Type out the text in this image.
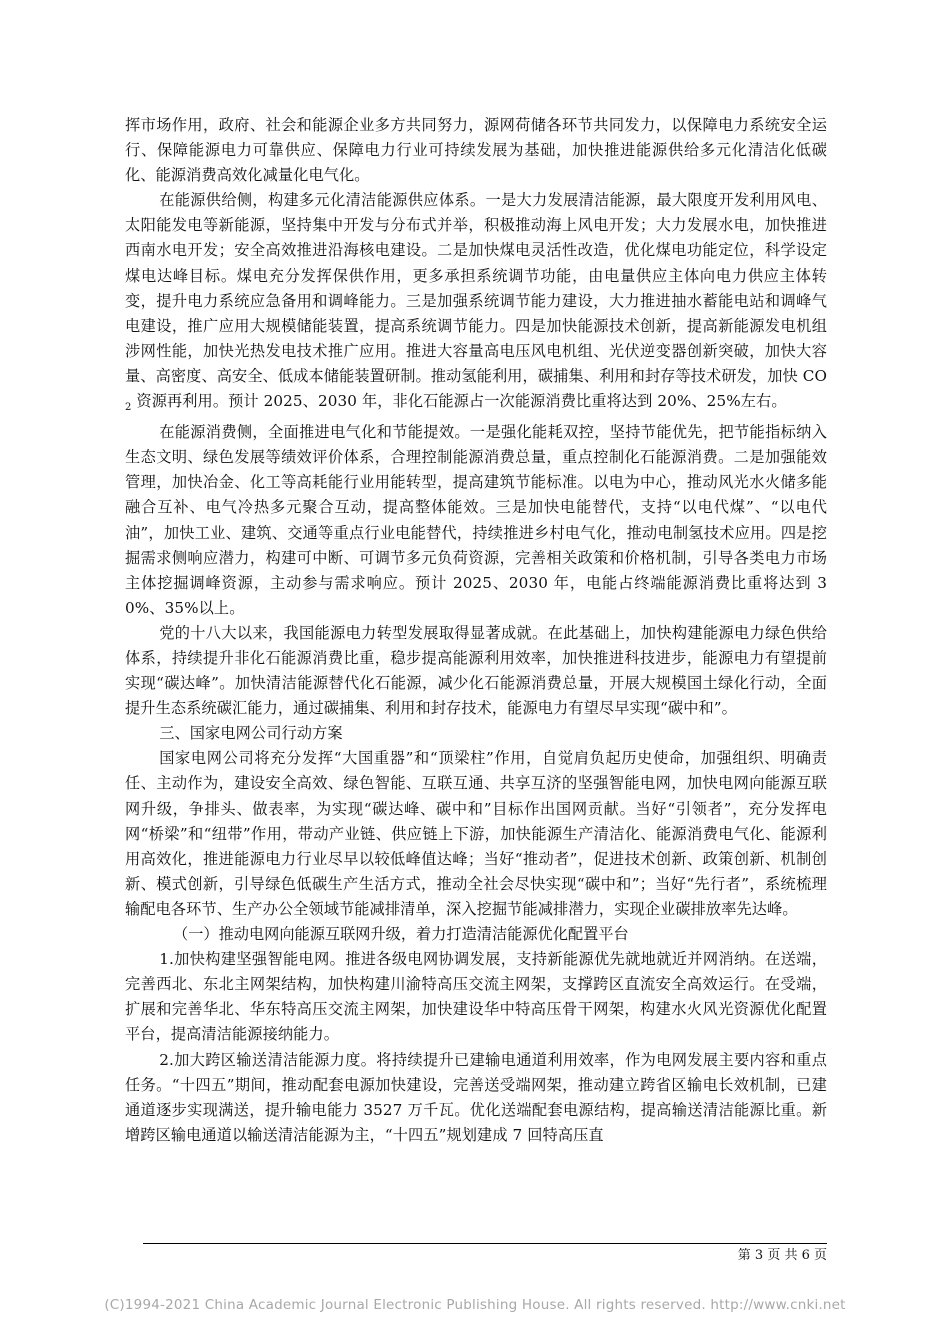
挥市场作用，政府、社会和能源企业多方共同努力，源网荷储各环节共同发力，以保障电力系统安全运行、保障能源电力可靠供应、保障电力行业可持续发展为基础，加快推进能源供给多元化清洁化低碳化、能源消费高效化减量化电气化。

在能源供给侧，构建多元化清洁能源供应体系。一是大力发展清洁能源，最大限度开发利用风电、太阳能发电等新能源，坚持集中开发与分布式并举，积极推动海上风电开发；大力发展水电，加快推进西南水电开发；安全高效推进沿海核电建设。二是加快煤电灵活性改造，优化煤电功能定位，科学设定煤电达峰目标。煤电充分发挥保供作用，更多承担系统调节功能，由电量供应主体向电力供应主体转变，提升电力系统应急备用和调峰能力。三是加强系统调节能力建设，大力推进抽水蓄能电站和调峰气电建设，推广应用大规模储能装置，提高系统调节能力。四是加快能源技术创新，提高新能源发电机组涉网性能，加快光热发电技术推广应用。推进大容量高电压风电机组、光伏逆变器创新突破，加快大容量、高密度、高安全、低成本储能装置研制。推动氢能利用，碳捕集、利用和封存等技术研发，加快 $CO_2$ 资源再利用。预计 2025、2030 年，非化石能源占一次能源消费比重将达到 20%、25%左右。

在能源消费侧，全面推进电气化和节能提效。一是强化能耗双控，坚持节能优先，把节能指标纳入生态文明、绿色发展等绩效评价体系，合理控制能源消费总量，重点控制化石能源消费。二是加强能效管理，加快冶金、化工等高耗能行业用能转型，提高建筑节能标准。以电为中心，推动风光水火储多能融合互补、电气冷热多元聚合互动，提高整体能效。三是加快电能替代，支持“以电代煤”、“以电代油”，加快工业、建筑、交通等重点行业电能替代，持续推进乡村电气化，推动电制氢技术应用。四是挖掘需求侧响应潜力，构建可中断、可调节多元负荷资源，完善相关政策和价格机制，引导各类电力市场主体挖掘调峰资源，主动参与需求响应。预计 2025、2030 年，电能占终端能源消费比重将达到 30%、35%以上。

党的十八大以来，我国能源电力转型发展取得显著成就。在此基础上，加快构建能源电力绿色供给体系，持续提升非化石能源消费比重，稳步提高能源利用效率，加快推进科技进步，能源电力有望提前实现“碳达峰”。加快清洁能源替代化石能源，减少化石能源消费总量，开展大规模国土绿化行动，全面提升生态系统碳汇能力，通过碳捕集、利用和封存技术，能源电力有望尽早实现“碳中和”。

三、国家电网公司行动方案

国家电网公司将充分发挥“大国重器”和“顶梁柱”作用，自觉肩负起历史使命，加强组织、明确责任、主动作为，建设安全高效、绿色智能、互联互通、共享互济的坚强智能电网，加快电网向能源互联网升级，争排头、做表率，为实现“碳达峰、碳中和”目标作出国网贡献。当好“引领者”，充分发挥电网“桥梁”和“纽带”作用，带动产业链、供应链上下游，加快能源生产清洁化、能源消费电气化、能源利用高效化，推进能源电力行业尽早以较低峰值达峰；当好“推动者”，促进技术创新、政策创新、机制创新、模式创新，引导绿色低碳生产生活方式，推动全社会尽快实现“碳中和”；当好“先行者”，系统梳理输配电各环节、生产办公全领域节能减排清单，深入挖掘节能减排潜力，实现企业碳排放率先达峰。

（一）推动电网向能源互联网升级，着力打造清洁能源优化配置平台

1.加快构建坚强智能电网。推进各级电网协调发展，支持新能源优先就地就近并网消纳。在送端，完善西北、东北主网架结构，加快构建川渝特高压交流主网架，支撑跨区直流安全高效运行。在受端，扩展和完善华北、华东特高压交流主网架，加快建设华中特高压骨干网架，构建水火风光资源优化配置平台，提高清洁能源接纳能力。

2.加大跨区输送清洁能源力度。将持续提升已建输电通道利用效率，作为电网发展主要内容和重点任务。“十四五”期间，推动配套电源加快建设，完善送受端网架，推动建立跨省区输电长效机制，已建通道逐步实现满送，提升输电能力 3527 万千瓦。优化送端配套电源结构，提高输送清洁能源比重。新增跨区输电通道以输送清洁能源为主，“十四五”规划建成 7 回特高压直

第 3 页 共 6 页
(C)1994-2021 China Academic Journal Electronic Publishing House. All rights reserved. http://www.cnki.net
